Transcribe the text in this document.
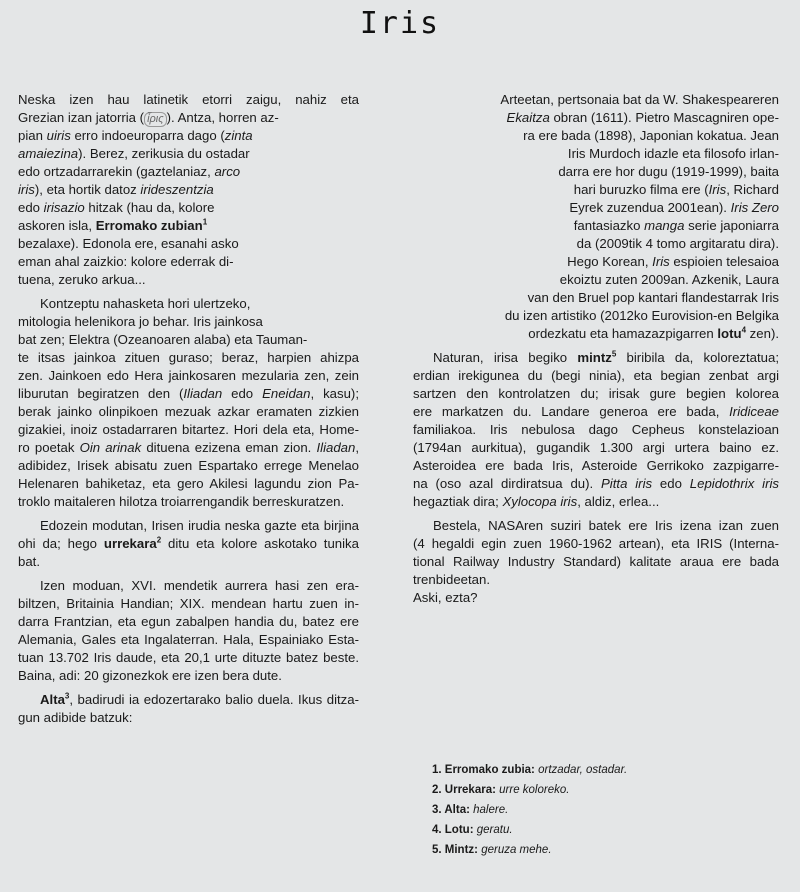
Iris
Neska izen hau latinetik etorri zaigu, nahiz eta
Grezian izan jatorria ( ἶρις ). Antza, horren az-
pian uiris erro indoeuroparra dago (zinta
amaiezina). Berez, zerikusia du ostadar
edo ortzadarrarekin (gaztelaniaz, arco
iris), eta hortik datoz irideszentzia
edo irisazio hitzak (hau da, kolore
askoren isla, Erromako zubian$^1$
bezalaxe). Edonola ere, esanahi asko
eman ahal zaizkio: kolore ederrak di-
tuena, zeruko arkua...
Kontzeptu nahasketa hori ulertzeko,
mitologia helenikora jo behar. Iris jainkosa
bat zen; Elektra (Ozeanoaren alaba) eta Tauman-
te itsas jainkoa zituen guraso; beraz, harpien ahizpa
zen. Jainkoen edo Hera jainkosaren mezularia zen, zein
liburutan begiratzen den (Iliadan edo Eneidan, kasu);
berak jainko olinpikoen mezuak azkar eramaten zizkien
gizakiei, inoiz ostadarraren bitartez. Hori dela eta, Home-
ro poetak Oin arinak dituena ezizena eman zion. Iliadan,
adibidez, Irisek abisatu zuen Espartako errege Menelao
Helenaren bahiketaz, eta gero Akilesi lagundu zion Pa-
troklo maitaleren hilotza troiarrengandik berreskuratzen.
Edozein modutan, Irisen irudia neska gazte eta birjina
ohi da; hego urrekara$^2$ ditu eta kolore askotako tunika
bat.
Izen moduan, XVI. mendetik aurrera hasi zen era-
biltzen, Britainia Handian; XIX. mendean hartu zuen in-
darra Frantzian, eta egun zabalpen handia du, batez ere
Alemania, Gales eta Ingalaterran. Hala, Espainiako Esta-
tuan 13.702 Iris daude, eta 20,1 urte dituzte batez beste.
Baina, adi: 20 gizonezkok ere izen bera dute.
Alta$^3$, badirudi ia edozertarako balio duela. Ikus ditza-
gun adibide batzuk:
Arteetan, pertsonaia bat da W. Shakespeareren
Ekaitza obran (1611). Pietro Mascagniren ope-
ra ere bada (1898), Japonian kokatua. Jean
Iris Murdoch idazle eta filosofo irlan-
darra ere hor dugu (1919-1999), baita
hari buruzko filma ere (Iris, Richard
Eyrek zuzendua 2001ean). Iris Zero
fantasiazko manga serie japoniarra
da (2009tik 4 tomo argitaratu dira).
Hego Korean, Iris espioien telesaioa
ekoiztu zuten 2009an. Azkenik, Laura
van den Bruel pop kantari flandestarrak Iris
du izen artistiko (2012ko Eurovision-en Belgika
ordezkatu eta hamazazpigarren lotu$^4$ zen).
Naturan, irisa begiko mintz$^5$ biribila da, koloreztatua;
erdian irekigunea du (begi ninia), eta begian zenbat argi
sartzen den kontrolatzen du; irisak gure begien kolorea
ere markatzen du. Landare generoa ere bada, Iridiceae
familiakoa. Iris nebulosa dago Cepheus konstelazioan
(1794an aurkitua), gugandik 1.300 argi urtera baino ez.
Asteroidea ere bada Iris, Asteroide Gerrikoko zazpigarre-
na (oso azal dirdiratsua du). Pitta iris edo Lepidothrix iris
hegaztiak dira; Xylocopa iris, aldiz, erlea...
Bestela, NASAren suziri batek ere Iris izena izan zuen
(4 hegaldi egin zuen 1960-1962 artean), eta IRIS (Interna-
tional Railway Industry Standard) kalitate araua ere bada
trenbideetan.
Aski, ezta?
1. Erromako zubia: ortzadar, ostadar.
2. Urrekara: urre koloreko.
3. Alta: halere.
4. Lotu: geratu.
5. Mintz: geruza mehe.
